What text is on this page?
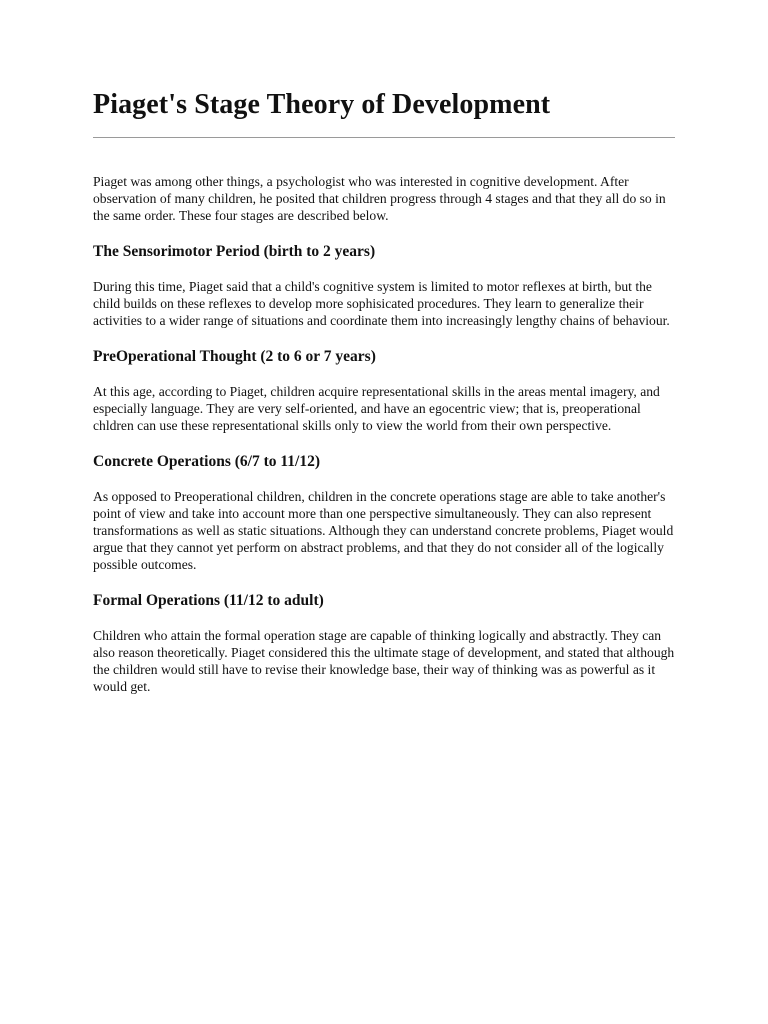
Piaget's Stage Theory of Development

Piaget was among other things, a psychologist who was interested in cognitive development. After observation of many children, he posited that children progress through 4 stages and that they all do so in the same order. These four stages are described below.

The Sensorimotor Period (birth to 2 years)

During this time, Piaget said that a child's cognitive system is limited to motor reflexes at birth, but the child builds on these reflexes to develop more sophisicated procedures. They learn to generalize their activities to a wider range of situations and coordinate them into increasingly lengthy chains of behaviour.

PreOperational Thought (2 to 6 or 7 years)

At this age, according to Piaget, children acquire representational skills in the areas mental imagery, and especially language. They are very self-oriented, and have an egocentric view; that is, preoperational chldren can use these representational skills only to view the world from their own perspective.

Concrete Operations (6/7 to 11/12)

As opposed to Preoperational children, children in the concrete operations stage are able to take another's point of view and take into account more than one perspective simultaneously. They can also represent transformations as well as static situations. Although they can understand concrete problems, Piaget would argue that they cannot yet perform on abstract problems, and that they do not consider all of the logically possible outcomes.

Formal Operations (11/12 to adult)

Children who attain the formal operation stage are capable of thinking logically and abstractly. They can also reason theoretically. Piaget considered this the ultimate stage of development, and stated that although the children would still have to revise their knowledge base, their way of thinking was as powerful as it would get.
